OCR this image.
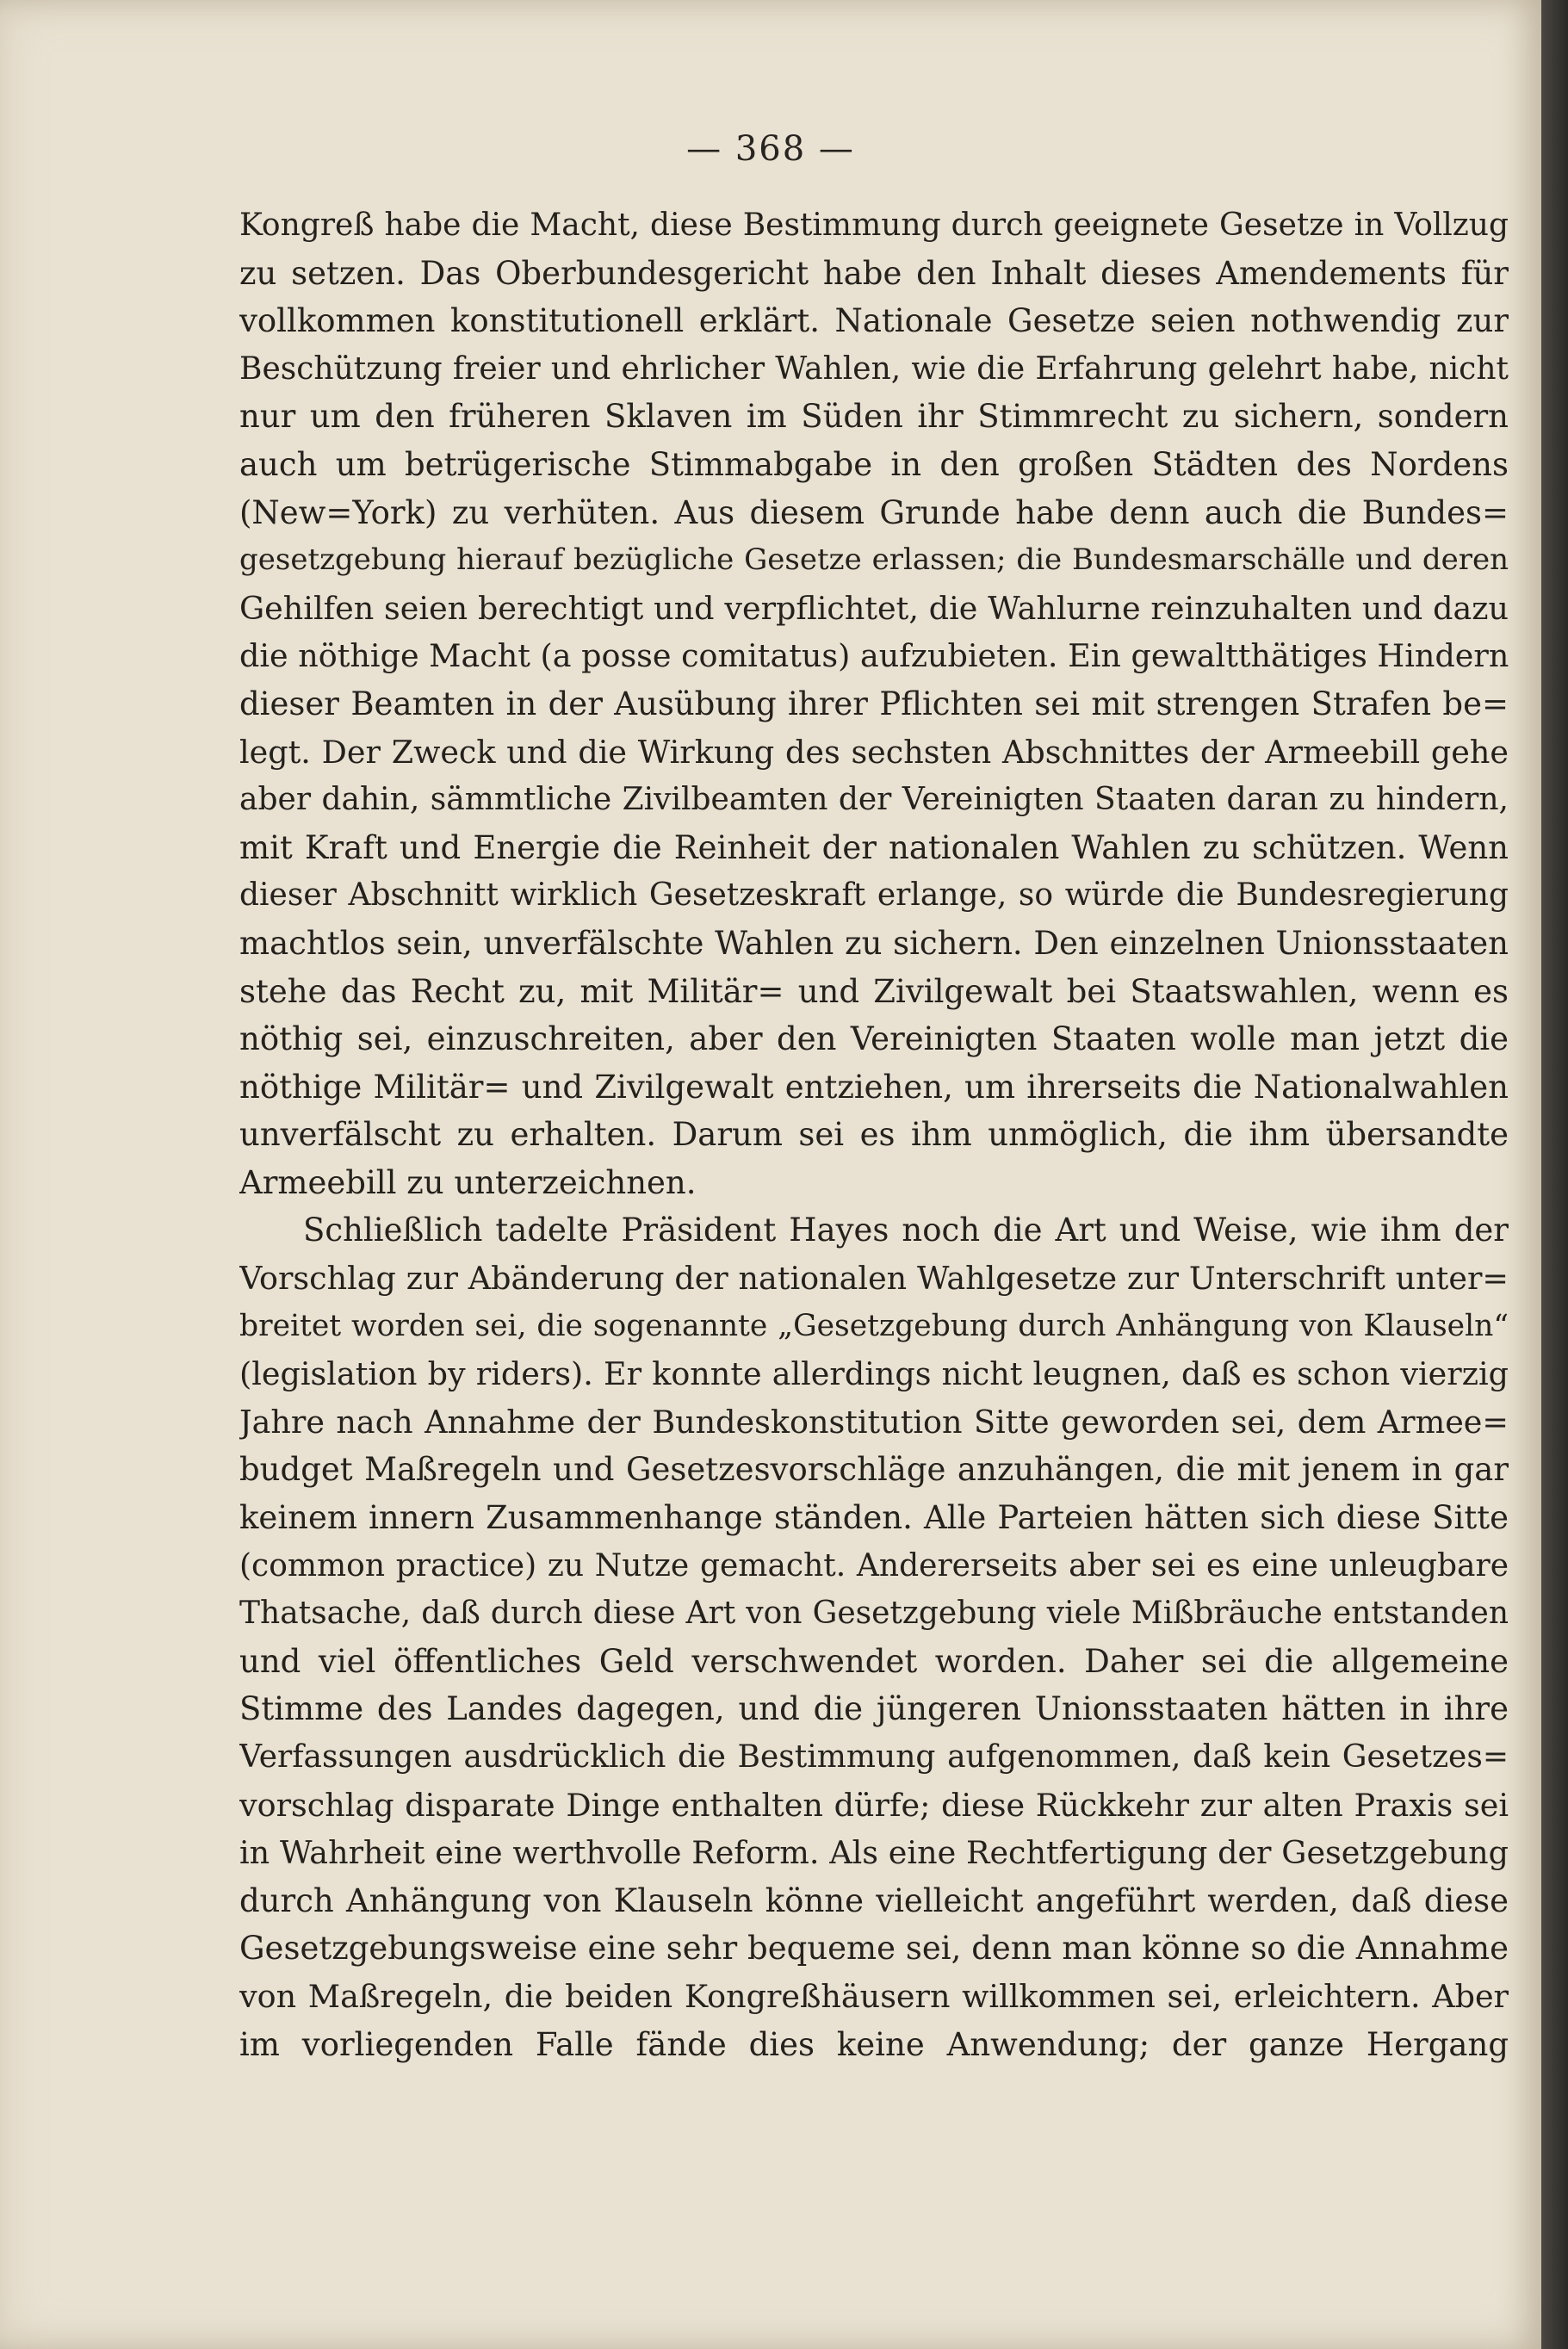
— 368 —
Kongreß habe die Macht, diese Bestimmung durch geeignete Gesetze in Vollzug
zu setzen. Das Oberbundesgericht habe den Inhalt dieses Amendements für
vollkommen konstitutionell erklärt. Nationale Gesetze seien nothwendig zur
Beschützung freier und ehrlicher Wahlen, wie die Erfahrung gelehrt habe, nicht
nur um den früheren Sklaven im Süden ihr Stimmrecht zu sichern, sondern
auch um betrügerische Stimmabgabe in den großen Städten des Nordens
(New=York) zu verhüten. Aus diesem Grunde habe denn auch die Bundes=
gesetzgebung hierauf bezügliche Gesetze erlassen; die Bundesmarschälle und deren
Gehilfen seien berechtigt und verpflichtet, die Wahlurne reinzuhalten und dazu
die nöthige Macht (a posse comitatus) aufzubieten. Ein gewaltthätiges Hindern
dieser Beamten in der Ausübung ihrer Pflichten sei mit strengen Strafen be=
legt. Der Zweck und die Wirkung des sechsten Abschnittes der Armeebill gehe
aber dahin, sämmtliche Zivilbeamten der Vereinigten Staaten daran zu hindern,
mit Kraft und Energie die Reinheit der nationalen Wahlen zu schützen. Wenn
dieser Abschnitt wirklich Gesetzeskraft erlange, so würde die Bundesregierung
machtlos sein, unverfälschte Wahlen zu sichern. Den einzelnen Unionsstaaten
stehe das Recht zu, mit Militär= und Zivilgewalt bei Staatswahlen, wenn es
nöthig sei, einzuschreiten, aber den Vereinigten Staaten wolle man jetzt die
nöthige Militär= und Zivilgewalt entziehen, um ihrerseits die Nationalwahlen
unverfälscht zu erhalten. Darum sei es ihm unmöglich, die ihm übersandte
Armeebill zu unterzeichnen.
Schließlich tadelte Präsident Hayes noch die Art und Weise, wie ihm der
Vorschlag zur Abänderung der nationalen Wahlgesetze zur Unterschrift unter=
breitet worden sei, die sogenannte „Gesetzgebung durch Anhängung von Klauseln“
(legislation by riders). Er konnte allerdings nicht leugnen, daß es schon vierzig
Jahre nach Annahme der Bundeskonstitution Sitte geworden sei, dem Armee=
budget Maßregeln und Gesetzesvorschläge anzuhängen, die mit jenem in gar
keinem innern Zusammenhange ständen. Alle Parteien hätten sich diese Sitte
(common practice) zu Nutze gemacht. Andererseits aber sei es eine unleugbare
Thatsache, daß durch diese Art von Gesetzgebung viele Mißbräuche entstanden
und viel öffentliches Geld verschwendet worden. Daher sei die allgemeine
Stimme des Landes dagegen, und die jüngeren Unionsstaaten hätten in ihre
Verfassungen ausdrücklich die Bestimmung aufgenommen, daß kein Gesetzes=
vorschlag disparate Dinge enthalten dürfe; diese Rückkehr zur alten Praxis sei
in Wahrheit eine werthvolle Reform. Als eine Rechtfertigung der Gesetzgebung
durch Anhängung von Klauseln könne vielleicht angeführt werden, daß diese
Gesetzgebungsweise eine sehr bequeme sei, denn man könne so die Annahme
von Maßregeln, die beiden Kongreßhäusern willkommen sei, erleichtern. Aber
im vorliegenden Falle fände dies keine Anwendung; der ganze Hergang
